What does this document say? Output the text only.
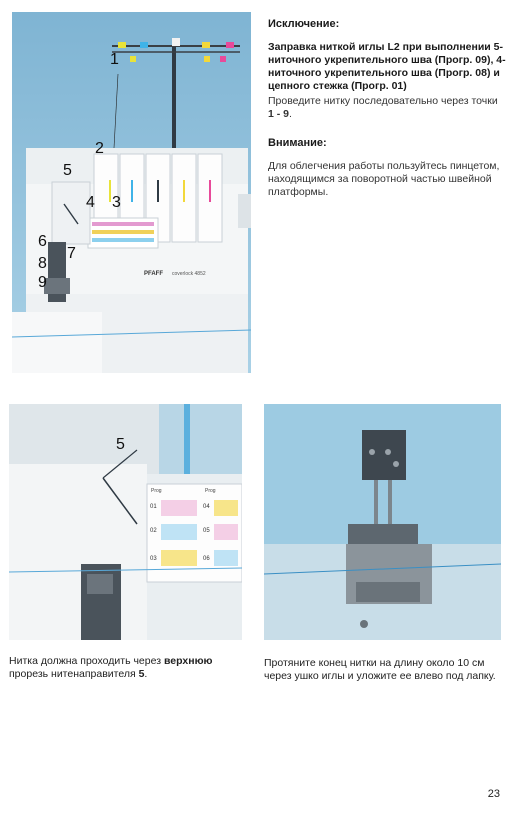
PFAFF coverlock 4852
1
2
3
4
5
6
7
8
9
Исключение:
Заправка ниткой иглы L2 при выполнении 5-ниточного укрепительного шва (Прогр. 09), 4-ниточного укрепительного шва (Прогр. 08) и цепного стежка (Прогр. 01)
Проведите нитку последовательно через точки 1 - 9.
Внимание:
Для облегчения работы пользуйтесь пинцетом, находящимся за поворотной частью швейной платформы.
Prog	Prog
01
02
03
04
05
06
5
Нитка должна проходить через верхнюю прорезь нитенаправителя 5.
Протяните конец нитки на длину около 10 см через ушко иглы и уложите ее влево под лапку.
23
